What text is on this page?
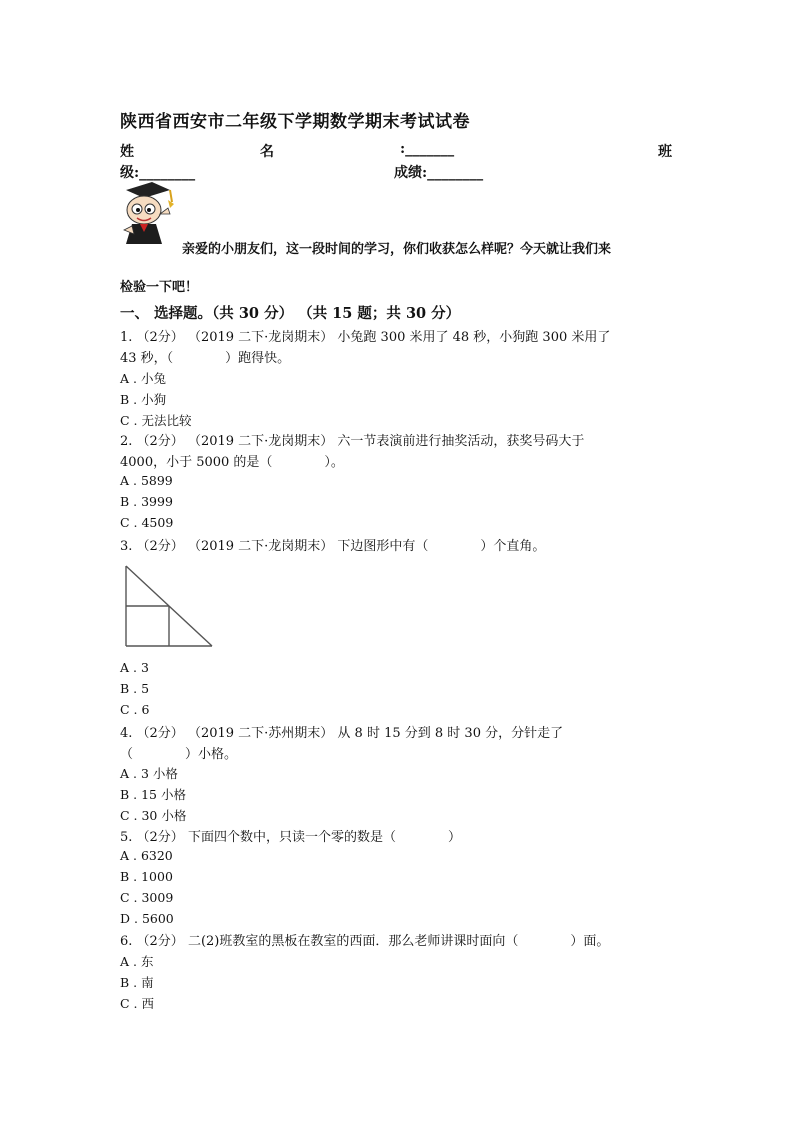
陕西省西安市二年级下学期数学期末考试试卷
姓	名	:_______	班
级:________	成绩:________
亲爱的小朋友们，这一段时间的学习，你们收获怎么样呢？今天就让我们来
检验一下吧！
一、 选择题。（共 30 分） （共 15 题；共 30 分）
1. （2分） （2019 二下·龙岗期末） 小兔跑 300 米用了 48 秒，小狗跑 300 米用了
43 秒，（　　　　）跑得快。
A . 小兔
B . 小狗
C . 无法比较
2. （2分） （2019 二下·龙岗期末） 六一节表演前进行抽奖活动，获奖号码大于
4000，小于 5000 的是（　　　　）。
A . 5899
B . 3999
C . 4509
3. （2分） （2019 二下·龙岗期末） 下边图形中有（　　　　）个直角。
A . 3
B . 5
C . 6
4. （2分） （2019 二下·苏州期末） 从 8 时 15 分到 8 时 30 分，分针走了
（　　　　）小格。
A . 3 小格
B . 15 小格
C . 30 小格
5. （2分） 下面四个数中，只读一个零的数是（　　　　）
A . 6320
B . 1000
C . 3009
D . 5600
6. （2分） 二(2)班教室的黑板在教室的西面．那么老师讲课时面向（　　　　）面。
A . 东
B . 南
C . 西
